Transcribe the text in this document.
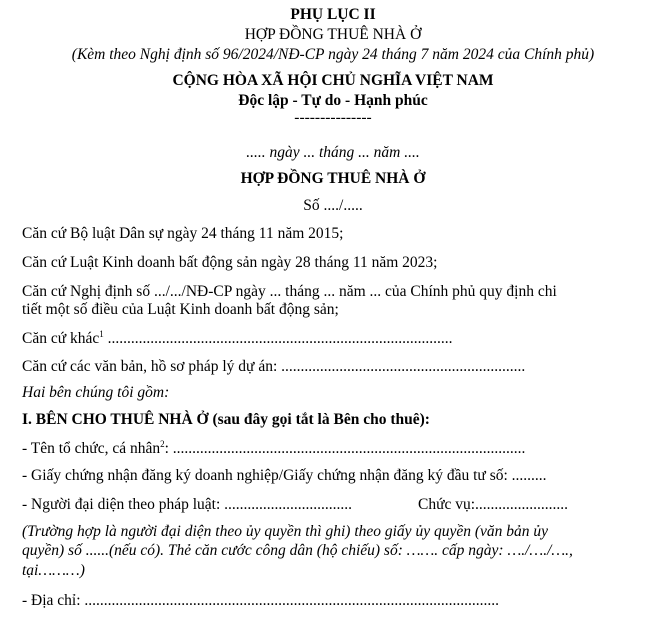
PHỤ LỤC II
HỢP ĐỒNG THUÊ NHÀ Ở
(Kèm theo Nghị định số 96/2024/NĐ-CP ngày 24 tháng 7 năm 2024 của Chính phủ)
CỘNG HÒA XÃ HỘI CHỦ NGHĨA VIỆT NAM
Độc lập - Tự do - Hạnh phúc
---------------
..... ngày ... tháng ... năm ....
HỢP ĐỒNG THUÊ NHÀ Ở
Số ..../.....
Căn cứ Bộ luật Dân sự ngày 24 tháng 11 năm 2015;
Căn cứ Luật Kinh doanh bất động sản ngày 28 tháng 11 năm 2023;
Căn cứ Nghị định số .../.../NĐ-CP ngày ... tháng ... năm ... của Chính phủ quy định chi
tiết một số điều của Luật Kinh doanh bất động sản;
Căn cứ khác$^1$ .........................................................................................
Căn cứ các văn bản, hồ sơ pháp lý dự án: ...............................................................
Hai bên chúng tôi gồm:
I. BÊN CHO THUÊ NHÀ Ở (sau đây gọi tắt là Bên cho thuê):
- Tên tổ chức, cá nhân$^2$: ...........................................................................................
- Giấy chứng nhận đăng ký doanh nghiệp/Giấy chứng nhận đăng ký đầu tư số: .........
- Người đại diện theo pháp luật: .................................	Chức vụ:........................
(Trường hợp là người đại diện theo ủy quyền thì ghi) theo giấy ủy quyền (văn bản ủy
quyền) số ......(nếu có). Thẻ căn cước công dân (hộ chiếu) số: ……. cấp ngày: …./…./….,
tại………)
- Địa chỉ: ...........................................................................................................
